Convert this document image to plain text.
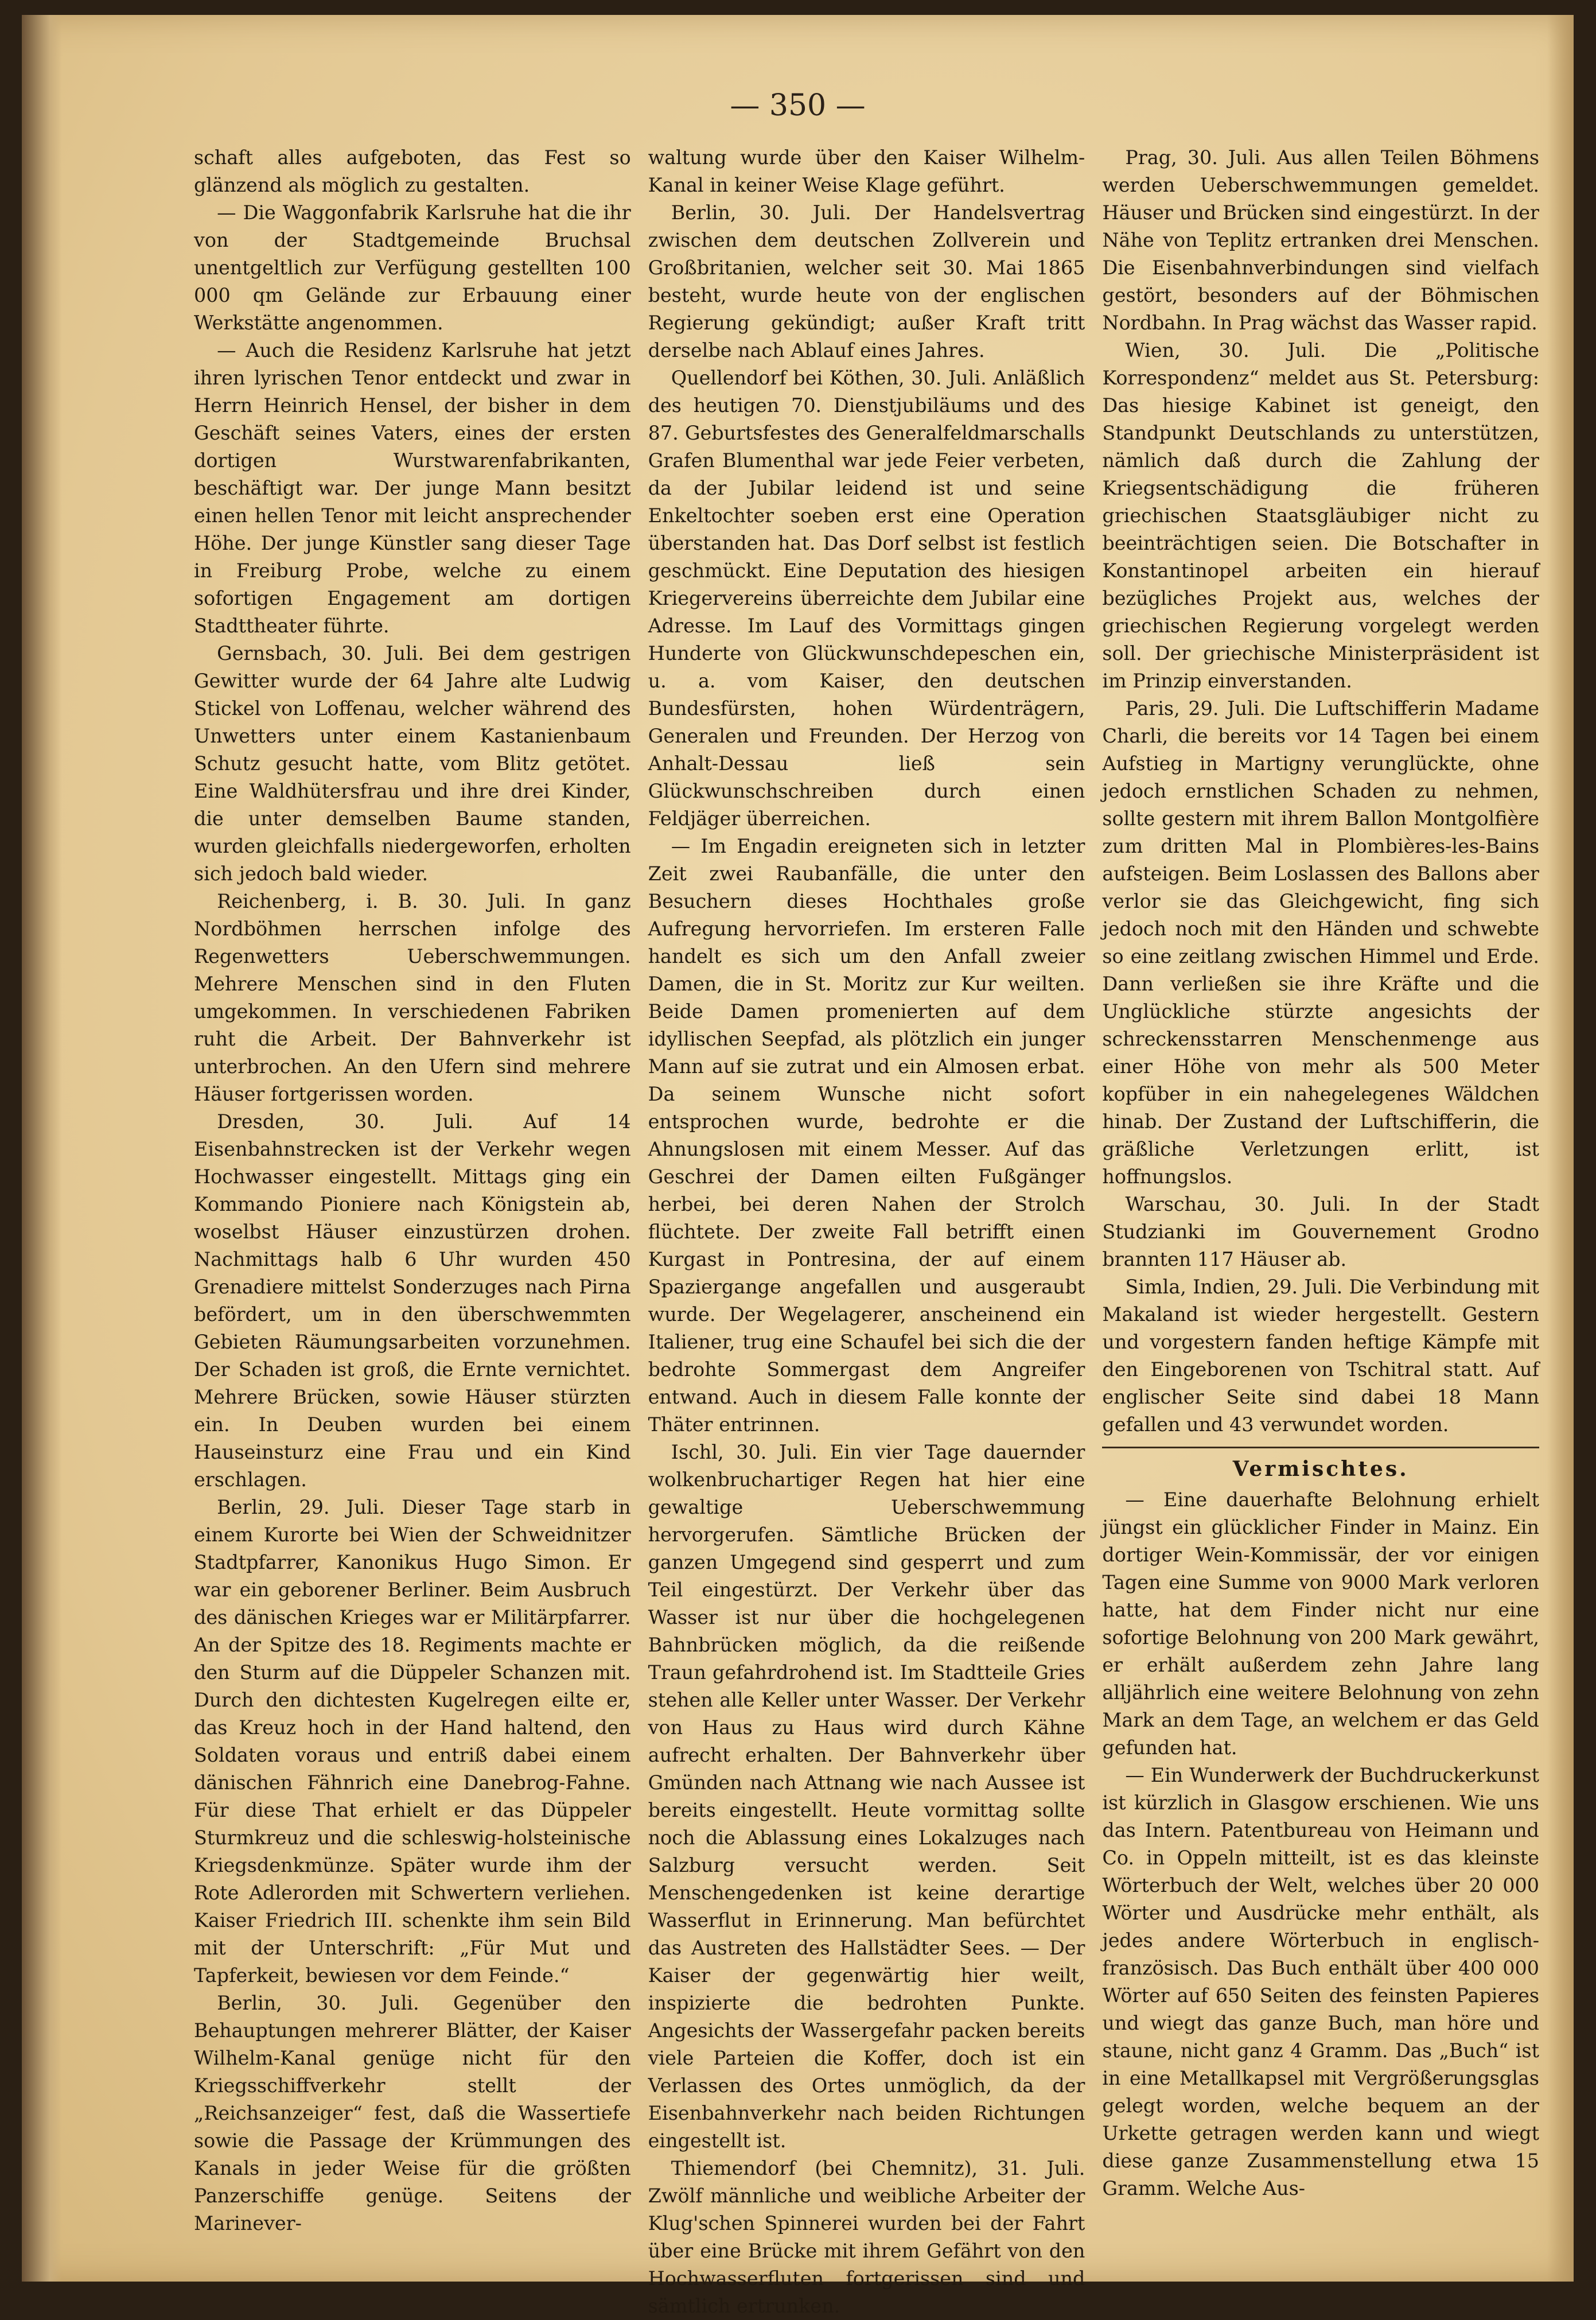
— 350 —

schaft alles aufgeboten, das Fest so glänzend als möglich zu gestalten.

— Die Waggonfabrik Karlsruhe hat die ihr von der Stadtgemeinde Bruchsal unentgeltlich zur Verfügung gestellten 100 000 qm Gelände zur Erbauung einer Werkstätte angenommen.

— Auch die Residenz Karlsruhe hat jetzt ihren lyrischen Tenor entdeckt und zwar in Herrn Heinrich Hensel, der bisher in dem Geschäft seines Vaters, eines der ersten dortigen Wurstwarenfabrikanten, beschäftigt war. Der junge Mann besitzt einen hellen Tenor mit leicht ansprechender Höhe. Der junge Künstler sang dieser Tage in Freiburg Probe, welche zu einem sofortigen Engagement am dortigen Stadttheater führte.

Gernsbach, 30. Juli. Bei dem gestrigen Gewitter wurde der 64 Jahre alte Ludwig Stickel von Loffenau, welcher während des Unwetters unter einem Kastanienbaum Schutz gesucht hatte, vom Blitz getötet. Eine Waldhütersfrau und ihre drei Kinder, die unter demselben Baume standen, wurden gleichfalls niedergeworfen, erholten sich jedoch bald wieder.

Reichenberg, i. B. 30. Juli. In ganz Nordböhmen herrschen infolge des Regenwetters Ueberschwemmungen. Mehrere Menschen sind in den Fluten umgekommen. In verschiedenen Fabriken ruht die Arbeit. Der Bahnverkehr ist unterbrochen. An den Ufern sind mehrere Häuser fortgerissen worden.

Dresden, 30. Juli. Auf 14 Eisenbahnstrecken ist der Verkehr wegen Hochwasser eingestellt. Mittags ging ein Kommando Pioniere nach Königstein ab, woselbst Häuser einzustürzen drohen. Nachmittags halb 6 Uhr wurden 450 Grenadiere mittelst Sonderzuges nach Pirna befördert, um in den überschwemmten Gebieten Räumungsarbeiten vorzunehmen. Der Schaden ist groß, die Ernte vernichtet. Mehrere Brücken, sowie Häuser stürzten ein. In Deuben wurden bei einem Hauseinsturz eine Frau und ein Kind erschlagen.

Berlin, 29. Juli. Dieser Tage starb in einem Kurorte bei Wien der Schweidnitzer Stadtpfarrer, Kanonikus Hugo Simon. Er war ein geborener Berliner. Beim Ausbruch des dänischen Krieges war er Militärpfarrer. An der Spitze des 18. Regiments machte er den Sturm auf die Düppeler Schanzen mit. Durch den dichtesten Kugelregen eilte er, das Kreuz hoch in der Hand haltend, den Soldaten voraus und entriß dabei einem dänischen Fähnrich eine Danebrog-Fahne. Für diese That erhielt er das Düppeler Sturmkreuz und die schleswig-holsteinische Kriegsdenkmünze. Später wurde ihm der Rote Adlerorden mit Schwertern verliehen. Kaiser Friedrich III. schenkte ihm sein Bild mit der Unterschrift: „Für Mut und Tapferkeit, bewiesen vor dem Feinde.“

Berlin, 30. Juli. Gegenüber den Behauptungen mehrerer Blätter, der Kaiser Wilhelm-Kanal genüge nicht für den Kriegsschiffverkehr stellt der „Reichsanzeiger“ fest, daß die Wassertiefe sowie die Passage der Krümmungen des Kanals in jeder Weise für die größten Panzerschiffe genüge. Seitens der Marinever-

waltung wurde über den Kaiser Wilhelm-Kanal in keiner Weise Klage geführt.

Berlin, 30. Juli. Der Handelsvertrag zwischen dem deutschen Zollverein und Großbritanien, welcher seit 30. Mai 1865 besteht, wurde heute von der englischen Regierung gekündigt; außer Kraft tritt derselbe nach Ablauf eines Jahres.

Quellendorf bei Köthen, 30. Juli. Anläßlich des heutigen 70. Dienstjubiläums und des 87. Geburtsfestes des Generalfeldmarschalls Grafen Blumenthal war jede Feier verbeten, da der Jubilar leidend ist und seine Enkeltochter soeben erst eine Operation überstanden hat. Das Dorf selbst ist festlich geschmückt. Eine Deputation des hiesigen Kriegervereins überreichte dem Jubilar eine Adresse. Im Lauf des Vormittags gingen Hunderte von Glückwunschdepeschen ein, u. a. vom Kaiser, den deutschen Bundesfürsten, hohen Würdenträgern, Generalen und Freunden. Der Herzog von Anhalt-Dessau ließ sein Glückwunschschreiben durch einen Feldjäger überreichen.

— Im Engadin ereigneten sich in letzter Zeit zwei Raubanfälle, die unter den Besuchern dieses Hochthales große Aufregung hervorriefen. Im ersteren Falle handelt es sich um den Anfall zweier Damen, die in St. Moritz zur Kur weilten. Beide Damen promenierten auf dem idyllischen Seepfad, als plötzlich ein junger Mann auf sie zutrat und ein Almosen erbat. Da seinem Wunsche nicht sofort entsprochen wurde, bedrohte er die Ahnungslosen mit einem Messer. Auf das Geschrei der Damen eilten Fußgänger herbei, bei deren Nahen der Strolch flüchtete. Der zweite Fall betrifft einen Kurgast in Pontresina, der auf einem Spaziergange angefallen und ausgeraubt wurde. Der Wegelagerer, anscheinend ein Italiener, trug eine Schaufel bei sich die der bedrohte Sommergast dem Angreifer entwand. Auch in diesem Falle konnte der Thäter entrinnen.

Ischl, 30. Juli. Ein vier Tage dauernder wolkenbruchartiger Regen hat hier eine gewaltige Ueberschwemmung hervorgerufen. Sämtliche Brücken der ganzen Umgegend sind gesperrt und zum Teil eingestürzt. Der Verkehr über das Wasser ist nur über die hochgelegenen Bahnbrücken möglich, da die reißende Traun gefahrdrohend ist. Im Stadtteile Gries stehen alle Keller unter Wasser. Der Verkehr von Haus zu Haus wird durch Kähne aufrecht erhalten. Der Bahnverkehr über Gmünden nach Attnang wie nach Aussee ist bereits eingestellt. Heute vormittag sollte noch die Ablassung eines Lokalzuges nach Salzburg versucht werden. Seit Menschengedenken ist keine derartige Wasserflut in Erinnerung. Man befürchtet das Austreten des Hallstädter Sees. — Der Kaiser der gegenwärtig hier weilt, inspizierte die bedrohten Punkte. Angesichts der Wassergefahr packen bereits viele Parteien die Koffer, doch ist ein Verlassen des Ortes unmöglich, da der Eisenbahnverkehr nach beiden Richtungen eingestellt ist.

Thiemendorf (bei Chemnitz), 31. Juli. Zwölf männliche und weibliche Arbeiter der Klug'schen Spinnerei wurden bei der Fahrt über eine Brücke mit ihrem Gefährt von den Hochwasserfluten fortgerissen sind und sämtlich ertrunken.

Prag, 30. Juli. Aus allen Teilen Böhmens werden Ueberschwemmungen gemeldet. Häuser und Brücken sind eingestürzt. In der Nähe von Teplitz ertranken drei Menschen. Die Eisenbahnverbindungen sind vielfach gestört, besonders auf der Böhmischen Nordbahn. In Prag wächst das Wasser rapid.

Wien, 30. Juli. Die „Politische Korrespondenz“ meldet aus St. Petersburg: Das hiesige Kabinet ist geneigt, den Standpunkt Deutschlands zu unterstützen, nämlich daß durch die Zahlung der Kriegsentschädigung die früheren griechischen Staatsgläubiger nicht zu beeinträchtigen seien. Die Botschafter in Konstantinopel arbeiten ein hierauf bezügliches Projekt aus, welches der griechischen Regierung vorgelegt werden soll. Der griechische Ministerpräsident ist im Prinzip einverstanden.

Paris, 29. Juli. Die Luftschifferin Madame Charli, die bereits vor 14 Tagen bei einem Aufstieg in Martigny verunglückte, ohne jedoch ernstlichen Schaden zu nehmen, sollte gestern mit ihrem Ballon Montgolfière zum dritten Mal in Plombières-les-Bains aufsteigen. Beim Loslassen des Ballons aber verlor sie das Gleichgewicht, fing sich jedoch noch mit den Händen und schwebte so eine zeitlang zwischen Himmel und Erde. Dann verließen sie ihre Kräfte und die Unglückliche stürzte angesichts der schreckensstarren Menschenmenge aus einer Höhe von mehr als 500 Meter kopfüber in ein nahegelegenes Wäldchen hinab. Der Zustand der Luftschifferin, die gräßliche Verletzungen erlitt, ist hoffnungslos.

Warschau, 30. Juli. In der Stadt Studzianki im Gouvernement Grodno brannten 117 Häuser ab.

Simla, Indien, 29. Juli. Die Verbindung mit Makaland ist wieder hergestellt. Gestern und vorgestern fanden heftige Kämpfe mit den Eingeborenen von Tschitral statt. Auf englischer Seite sind dabei 18 Mann gefallen und 43 verwundet worden.

Vermischtes.

— Eine dauerhafte Belohnung erhielt jüngst ein glücklicher Finder in Mainz. Ein dortiger Wein-Kommissär, der vor einigen Tagen eine Summe von 9000 Mark verloren hatte, hat dem Finder nicht nur eine sofortige Belohnung von 200 Mark gewährt, er erhält außerdem zehn Jahre lang alljährlich eine weitere Belohnung von zehn Mark an dem Tage, an welchem er das Geld gefunden hat.

— Ein Wunderwerk der Buchdruckerkunst ist kürzlich in Glasgow erschienen. Wie uns das Intern. Patentbureau von Heimann und Co. in Oppeln mitteilt, ist es das kleinste Wörterbuch der Welt, welches über 20 000 Wörter und Ausdrücke mehr enthält, als jedes andere Wörterbuch in englisch-französisch. Das Buch enthält über 400 000 Wörter auf 650 Seiten des feinsten Papieres und wiegt das ganze Buch, man höre und staune, nicht ganz 4 Gramm. Das „Buch“ ist in eine Metallkapsel mit Vergrößerungsglas gelegt worden, welche bequem an der Urkette getragen werden kann und wiegt diese ganze Zusammenstellung etwa 15 Gramm. Welche Aus-
